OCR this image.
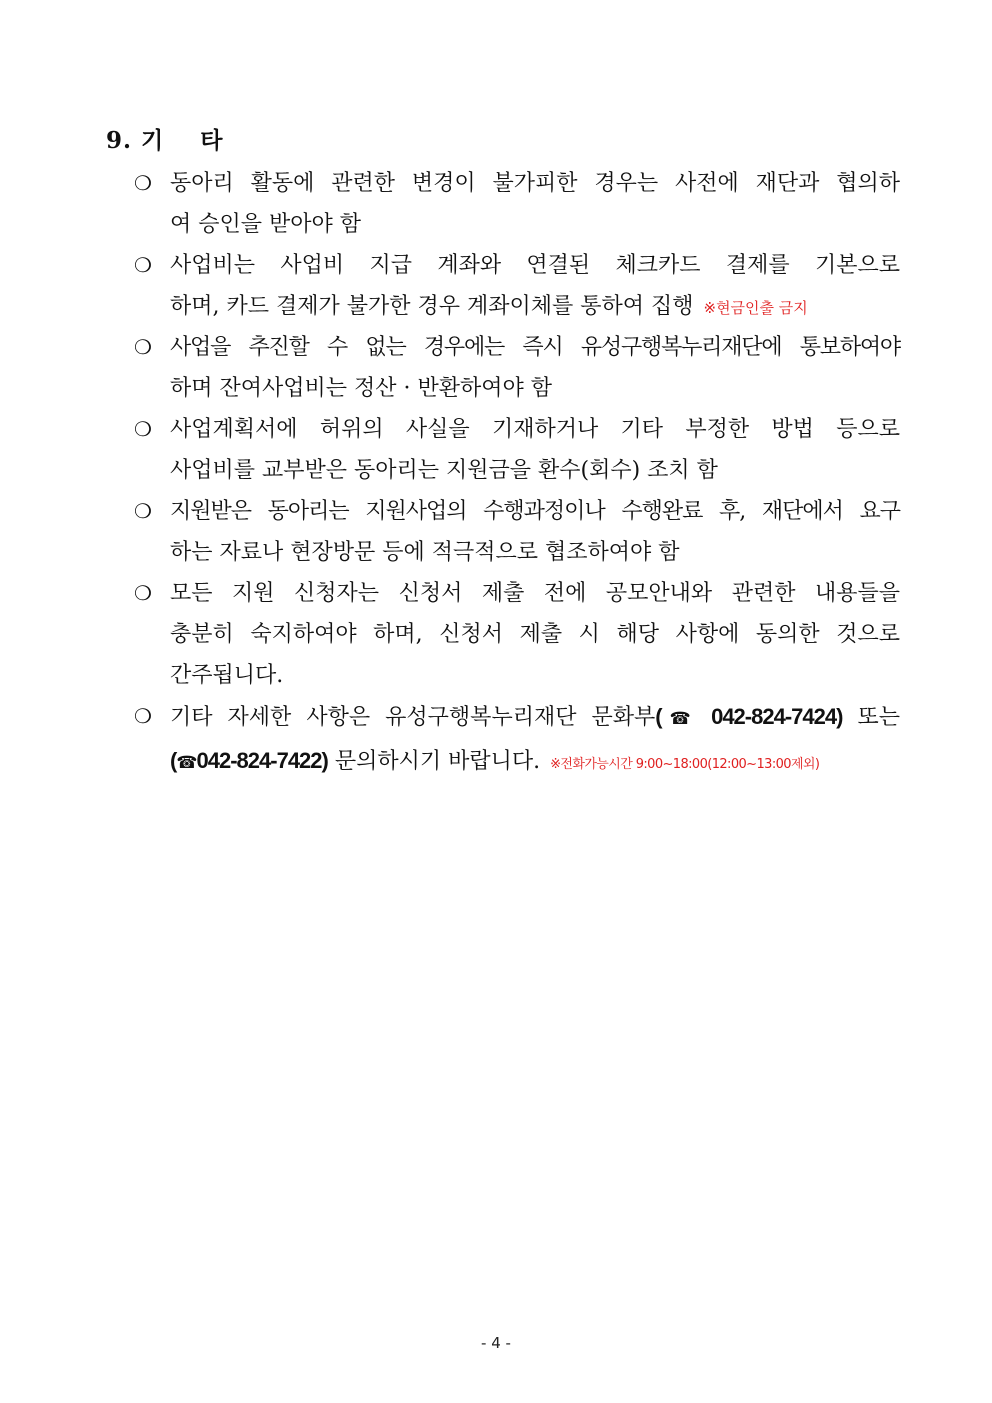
9. 기    타
❍ 동아리 활동에 관련한 변경이 불가피한 경우는 사전에 재단과 협의하
여 승인을 받아야 함
❍ 사업비는 사업비 지급 계좌와 연결된 체크카드 결제를 기본으로
하며, 카드 결제가 불가한 경우 계좌이체를 통하여 집행 ※현금인출 금지
❍ 사업을 추진할 수 없는 경우에는 즉시 유성구행복누리재단에 통보하여야
하며 잔여사업비는 정산 · 반환하여야 함
❍ 사업계획서에 허위의 사실을 기재하거나 기타 부정한 방법 등으로
사업비를 교부받은 동아리는 지원금을 환수(회수) 조치 함
❍ 지원받은 동아리는 지원사업의 수행과정이나 수행완료 후, 재단에서 요구
하는 자료나 현장방문 등에 적극적으로 협조하여야 함
❍ 모든 지원 신청자는 신청서 제출 전에 공모안내와 관련한 내용들을
충분히 숙지하여야 하며, 신청서 제출 시 해당 사항에 동의한 것으로
간주됩니다.
❍ 기타 자세한 사항은 유성구행복누리재단 문화부(☎ 042-824-7424) 또는
(☎042-824-7422) 문의하시기 바랍니다. ※전화가능시간 9:00~18:00(12:00~13:00제외)
- 4 -
